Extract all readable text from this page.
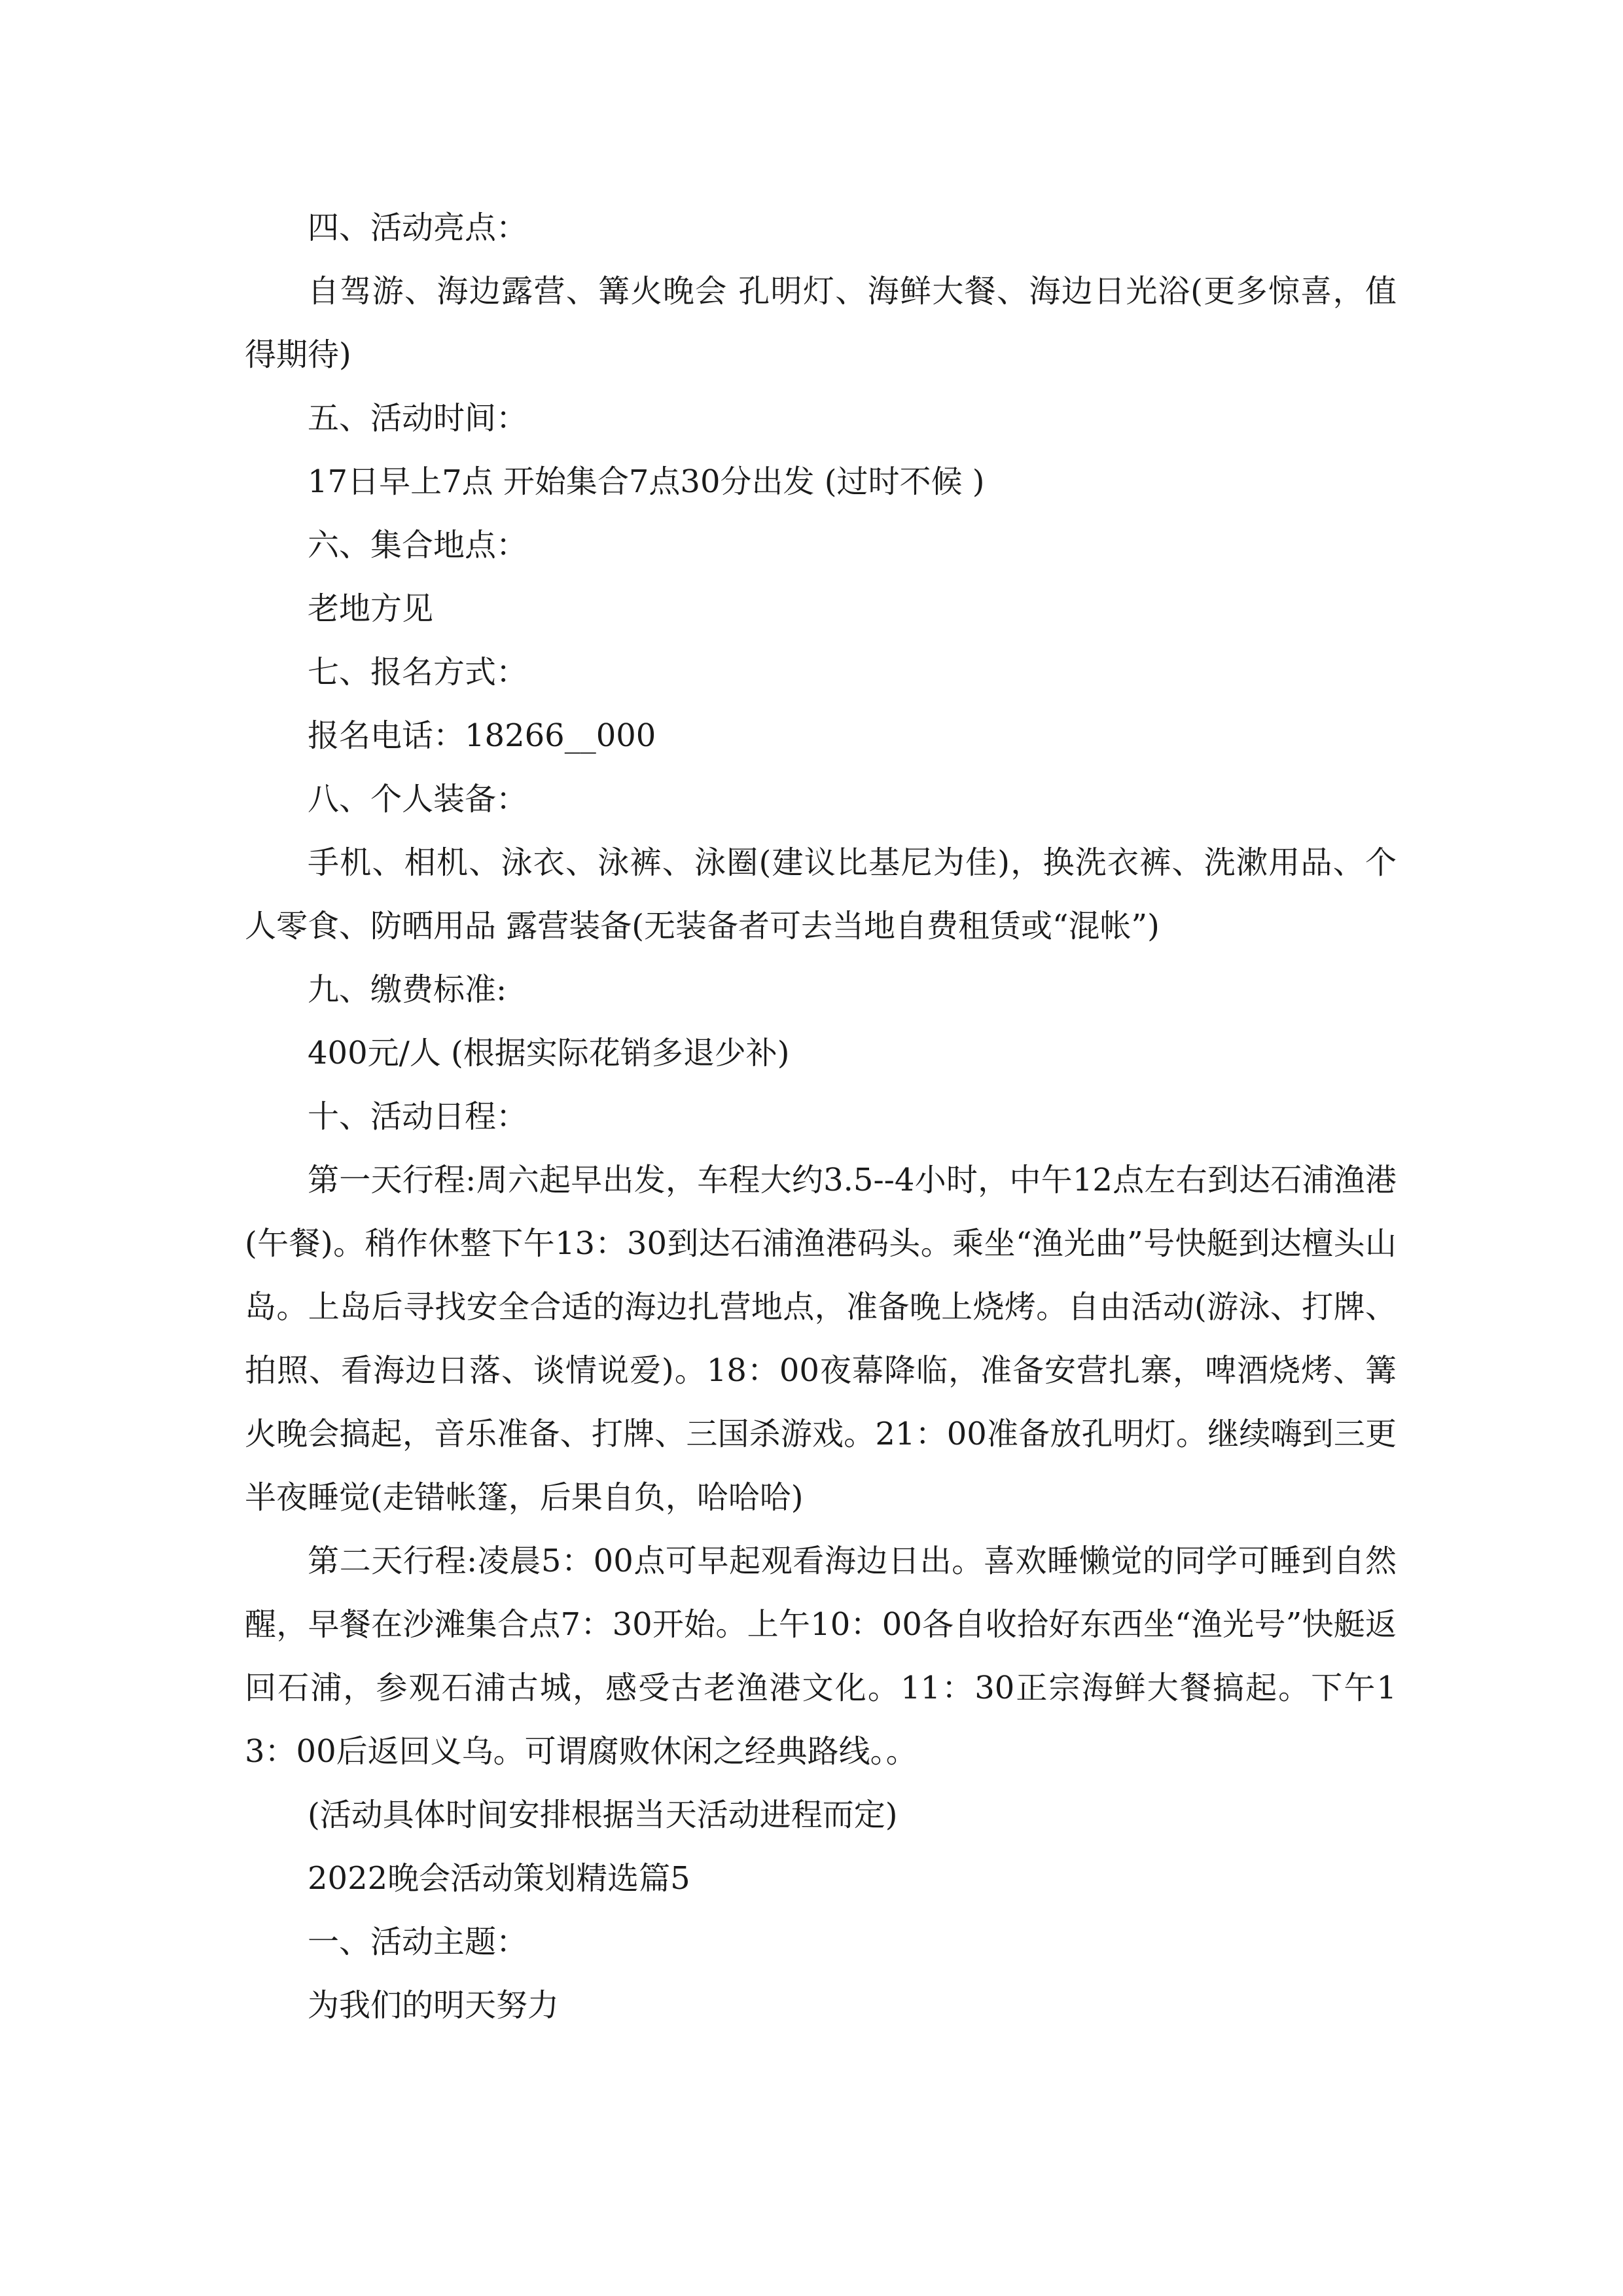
四、活动亮点：

自驾游、海边露营、篝火晚会 孔明灯、海鲜大餐、海边日光浴(更多惊喜，值得期待)

五、活动时间：

17日早上7点 开始集合7点30分出发 (过时不候 )

六、集合地点：

老地方见

七、报名方式：

报名电话：18266__000

八、个人装备：

手机、相机、泳衣、泳裤、泳圈(建议比基尼为佳)，换洗衣裤、洗漱用品、个人零食、防晒用品 露营装备(无装备者可去当地自费租赁或“混帐”)

九、缴费标准:

400元/人 (根据实际花销多退少补)

十、活动日程：

第一天行程:周六起早出发，车程大约3.5--4小时，中午12点左右到达石浦渔港(午餐)。稍作休整下午13：30到达石浦渔港码头。乘坐“渔光曲”号快艇到达檀头山岛。上岛后寻找安全合适的海边扎营地点，准备晚上烧烤。自由活动(游泳、打牌、拍照、看海边日落、谈情说爱)。18：00夜幕降临，准备安营扎寨，啤酒烧烤、篝火晚会搞起，音乐准备、打牌、三国杀游戏。21：00准备放孔明灯。继续嗨到三更半夜睡觉(走错帐篷，后果自负，哈哈哈)

第二天行程:凌晨5：00点可早起观看海边日出。喜欢睡懒觉的同学可睡到自然醒，早餐在沙滩集合点7：30开始。上午10：00各自收拾好东西坐“渔光号”快艇返回石浦，参观石浦古城，感受古老渔港文化。11：30正宗海鲜大餐搞起。下午13：00后返回义乌。可谓腐败休闲之经典路线。。

(活动具体时间安排根据当天活动进程而定)

2022晚会活动策划精选篇5

一、活动主题：

为我们的明天努力
